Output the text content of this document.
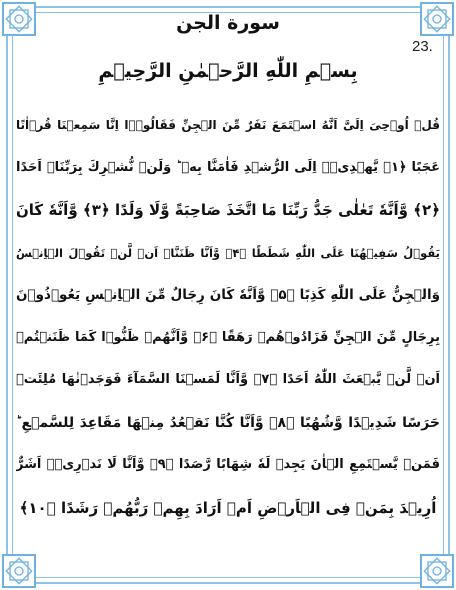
سورة الجن
23.
بِسۡمِ اللّٰهِ الرَّحۡمٰنِ الرَّحِيۡمِ
قُلۡ اُوۡحِىَ اِلَىَّ اَنَّهُ اسۡتَمَعَ نَفَرٌ مِّنَ الۡجِنِّ فَقَالُوۡۤا اِنَّا سَمِعۡنَا قُرۡاٰنًا
عَجَبًا ﴿۱﴾ يَّهۡدِىۡۤ اِلَى الرُّشۡدِ فَاٰمَنَّا بِهٖ ؕ وَلَنۡ نُّشۡرِكَ بِرَبِّنَاۤ اَحَدًا
﴿۲﴾ وَّاَنَّهٗ تَعٰلٰى جَدُّ رَبِّنَا مَا اتَّخَذَ صَاحِبَةً وَّلَا وَلَدًا ﴿۳﴾ وَّاَنَّهٗ كَانَ
يَقُوۡلُ سَفِيۡهُنَا عَلَى اللّٰهِ شَطَطًا ﴿۴﴾ وَّاَنَّا ظَنَنَّاۤ اَنۡ لَّنۡ تَقُوۡلَ الۡاِنۡسُ
وَالۡجِنُّ عَلَى اللّٰهِ كَذِبًا ﴿۵﴾ وَّاَنَّهٗ كَانَ رِجَالٌ مِّنَ الۡاِنۡسِ يَعُوۡذُوۡنَ
بِرِجَالٍ مِّنَ الۡجِنِّ فَزَادُوۡهُمۡ رَهَقًا ﴿۶﴾ وَّاَنَّهُمۡ ظَنُّوۡا كَمَا ظَنَنۡتُمۡ
اَنۡ لَّنۡ يَّبۡعَثَ اللّٰهُ اَحَدًا ﴿۷﴾ وَّاَنَّا لَمَسۡنَا السَّمَآءَ فَوَجَدۡنٰهَا مُلِئَتۡ
حَرَسًا شَدِيۡدًا وَّشُهُبًا ﴿۸﴾ وَّاَنَّا كُنَّا نَقۡعُدُ مِنۡهَا مَقَاعِدَ لِلسَّمۡعِ ؕ
فَمَنۡ يَّسۡتَمِعِ الۡاٰنَ يَجِدۡ لَهٗ شِهَابًا رَّصَدًا ﴿۹﴾ وَّاَنَّا لَا نَدۡرِىۡۤ اَشَرٌّ
اُرِيۡدَ بِمَنۡ فِى الۡاَرۡضِ اَمۡ اَرَادَ بِهِمۡ رَبُّهُمۡ رَشَدًا ﴿۱۰﴾
